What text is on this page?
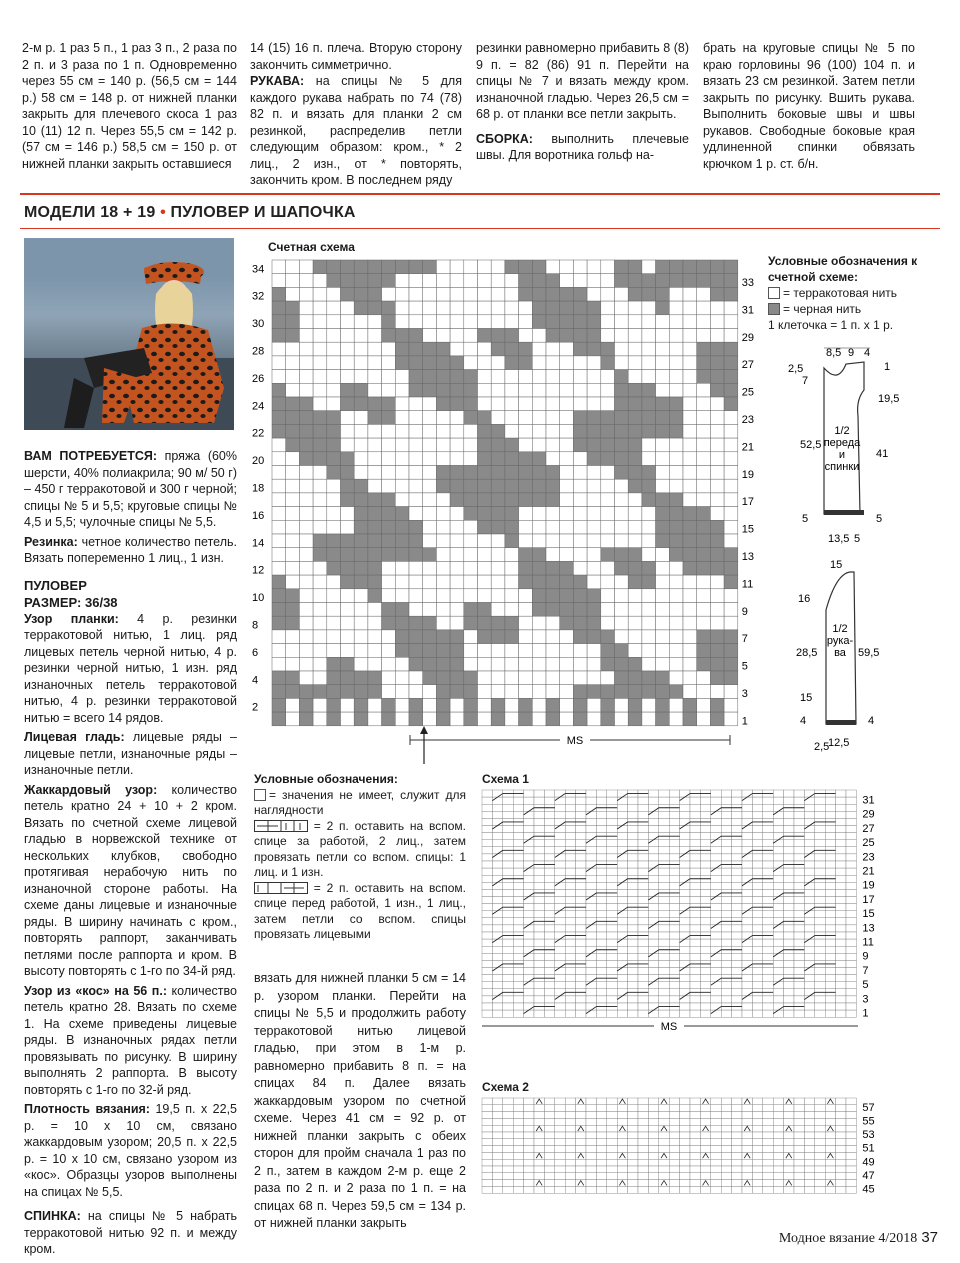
2-м р. 1 раз 5 п., 1 раз 3 п., 2 раза по 2 п. и 3 раза по 1 п. Одновременно через 55 см = 140 р. (56,5 см = 144 р.) 58 см = 148 р. от нижней планки закрыть для плечевого скоса 1 раз 10 (11) 12 п. Через 55,5 см = 142 р. (57 см = 146 р.) 58,5 см = 150 р. от нижней планки закрыть оставшиеся
14 (15) 16 п. плеча. Вторую сторону закончить симметрично.
РУКАВА: на спицы № 5 для каждого рукава набрать по 74 (78) 82 п. и вязать для планки 2 см резинкой, распределив петли следующим образом: кром., * 2 лиц., 2 изн., от * повторять, закончить кром. В последнем ряду
резинки равномерно прибавить 8 (8) 9 п. = 82 (86) 91 п. Перейти на спицы № 7 и вязать между кром. изнаночной гладью. Через 26,5 см = 68 р. от планки все петли закрыть.
СБОРКА: выполнить плечевые швы. Для воротника гольф на-
брать на круговые спицы № 5 по краю горловины 96 (100) 104 п. и вязать 23 см резинкой. Затем петли закрыть по рисунку. Вшить рукава. Выполнить боковые швы и швы рукавов. Свободные боковые края удлиненной спинки обвязать крючком 1 р. ст. б/н.
МОДЕЛИ 18 + 19 • ПУЛОВЕР И ШАПОЧКА
ВАМ ПОТРЕБУЕТСЯ: пряжа (60% шерсти, 40% полиакрила; 90 м/ 50 г) – 450 г терракотовой и 300 г черной; спицы № 5 и 5,5; круговые спицы № 4,5 и 5,5; чулочные спицы № 5,5.
Резинка: четное количество петель. Вязать попеременно 1 лиц., 1 изн.
ПУЛОВЕР
РАЗМЕР: 36/38
Узор планки: 4 р. резинки терракотовой нитью, 1 лиц. ряд лицевых петель черной нитью, 4 р. резинки черной нитью, 1 изн. ряд изнаночных петель терракотовой нитью, 4 р. резинки терракотовой нитью = всего 14 рядов.
Лицевая гладь: лицевые ряды – лицевые петли, изнаночные ряды – изнаночные петли.
Жаккардовый узор: количество петель кратно 24 + 10 + 2 кром. Вязать по счетной схеме лицевой гладью в норвежской технике от нескольких клубков, свободно протягивая нерабочую нить по изнаночной стороне работы. На схеме даны лицевые и изнаночные ряды. В ширину начинать с кром., повторять раппорт, заканчивать петлями после раппорта и кром. В высоту повторять с 1-го по 34-й ряд.
Узор из «кос» на 56 п.: количество петель кратно 28. Вязать по схеме 1. На схеме приведены лицевые ряды. В изнаночных рядах петли провязывать по рисунку. В ширину выполнять 2 раппорта. В высоту повторять с 1-го по 32-й ряд.
Плотность вязания: 19,5 п. x 22,5 р. = 10 x 10 см, связано жаккардовым узором; 20,5 п. x 22,5 р. = 10 x 10 см, связано узором из «кос». Образцы узоров выполнены на спицах № 5,5.
СПИНКА: на спицы № 5 набрать терракотовой нитью 92 п. и между кром.
Счетная схема
34
32
30
28
26
24
22
20
18
16
14
12
10
8
6
4
2
33
31
29
27
25
23
21
19
17
15
13
11
9
7
5
3
1
MS
Условные обозначения к счетной схеме:
= терракотовая нить
= черная нить
1 клеточка = 1 п. x 1 р.
8,5 9 4
2,5
7
1
19,5
52,5
41
5	5
13,5 5
1/2
переда
и
спинки
15
16
28,5	59,5
15
4	4
2,5
12,5
1/2
рука-
ва
Условные обозначения:
= значения не имеет, служит для наглядности
= 2 п. оставить на вспом. спице за работой, 2 лиц., затем провязать петли со вспом. спицы: 1 лиц. и 1 изн.
= 2 п. оставить на вспом. спице перед работой, 1 изн., 1 лиц., затем петли со вспом. спицы провязать лицевыми
вязать для нижней планки 5 см = 14 р. узором планки. Перейти на спицы № 5,5 и продолжить работу терракотовой нитью лицевой гладью, при этом в 1-м р. равномерно прибавить 8 п. = на спицах 84 п. Далее вязать жаккардовым узором по счетной схеме. Через 41 см = 92 р. от нижней планки закрыть с обеих сторон для пройм сначала 1 раз по 2 п., затем в каждом 2-м р. еще 2 раза по 2 п. и 2 раза по 1 п. = на спицах 68 п. Через 59,5 см = 134 р. от нижней планки закрыть
Схема 1
31
29
27
25
23
21
19
17
15
13
11
9
7
5
3
1
MS
Схема 2
57
55
53
51
49
47
45
Модное вязание 4/2018 37
